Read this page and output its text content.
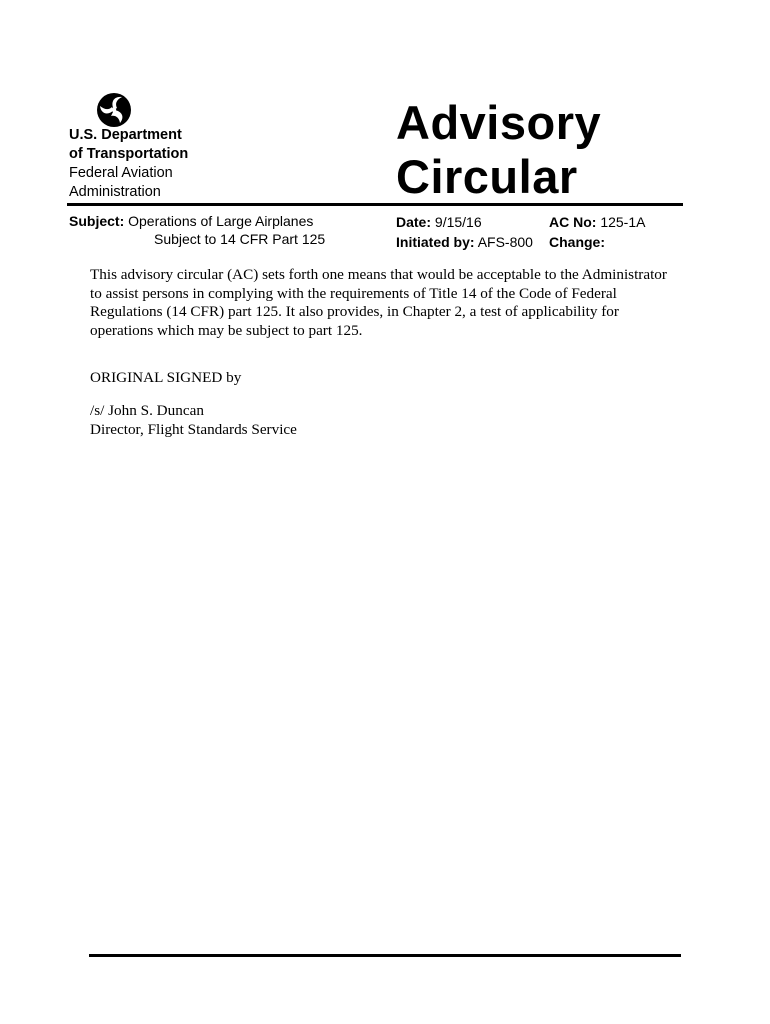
U.S. Department
of Transportation
Federal Aviation
Administration
Advisory
Circular
Subject: Operations of Large Airplanes
Subject to 14 CFR Part 125
Date: 9/15/16
Initiated by: AFS-800
AC No: 125-1A
Change:
This advisory circular (AC) sets forth one means that would be acceptable to the Administrator to assist persons in complying with the requirements of Title 14 of the Code of Federal Regulations (14 CFR) part 125. It also provides, in Chapter 2, a test of applicability for operations which may be subject to part 125.
ORIGINAL SIGNED by
/s/ John S. Duncan
Director, Flight Standards Service
